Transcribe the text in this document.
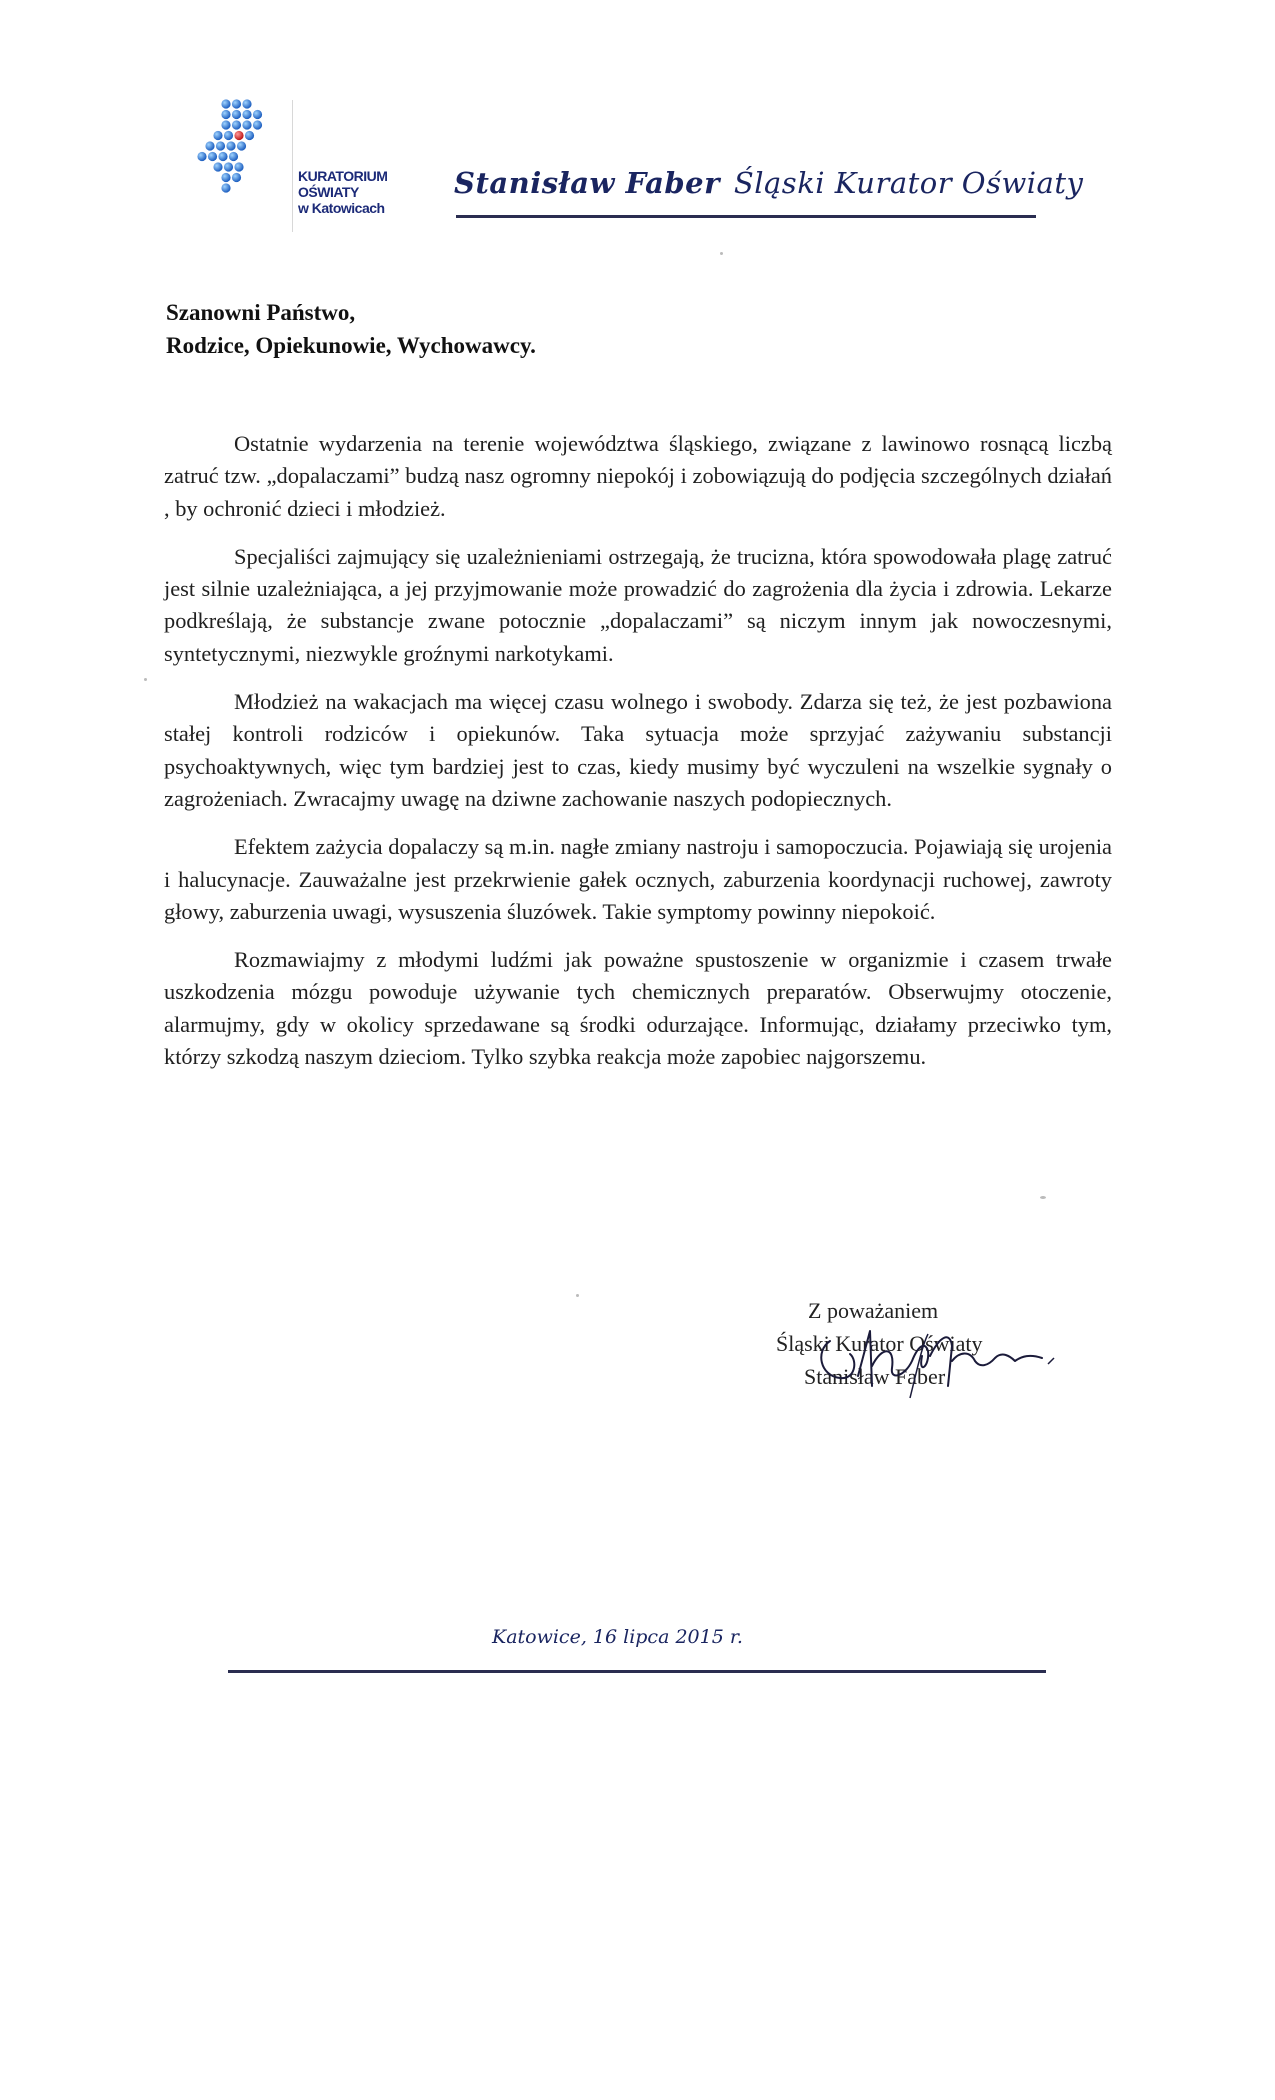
KURATORIUM
OŚWIATY
w Katowicach
Stanisław Faber Śląski Kurator Oświaty
Szanowni Państwo,
Rodzice, Opiekunowie, Wychowawcy.

Ostatnie wydarzenia na terenie województwa śląskiego, związane z lawinowo rosnącą liczbą zatruć tzw. „dopalaczami” budzą nasz ogromny niepokój i zobowiązują do podjęcia szczególnych działań , by ochronić dzieci i młodzież.

Specjaliści zajmujący się uzależnieniami ostrzegają, że trucizna, która spowodowała plagę zatruć jest silnie uzależniająca, a jej przyjmowanie może prowadzić do zagrożenia dla życia i zdrowia. Lekarze podkreślają, że substancje zwane potocznie „dopalaczami” są niczym innym jak nowoczesnymi, syntetycznymi, niezwykle groźnymi narkotykami.

Młodzież na wakacjach ma więcej czasu wolnego i swobody. Zdarza się też, że jest pozbawiona stałej kontroli rodziców i opiekunów. Taka sytuacja może sprzyjać zażywaniu substancji psychoaktywnych, więc tym bardziej jest to czas, kiedy musimy być wyczuleni na wszelkie sygnały o zagrożeniach. Zwracajmy uwagę na dziwne zachowanie naszych podopiecznych.

Efektem zażycia dopalaczy są m.in. nagłe zmiany nastroju i samopoczucia. Pojawiają się urojenia i halucynacje. Zauważalne jest przekrwienie gałek ocznych, zaburzenia koordynacji ruchowej, zawroty głowy, zaburzenia uwagi, wysuszenia śluzówek. Takie symptomy powinny niepokoić.

Rozmawiajmy z młodymi ludźmi jak poważne spustoszenie w organizmie i czasem trwałe uszkodzenia mózgu powoduje używanie tych chemicznych preparatów. Obserwujmy otoczenie, alarmujmy, gdy w okolicy sprzedawane są środki odurzające. Informując, działamy przeciwko tym, którzy szkodzą naszym dzieciom. Tylko szybka reakcja może zapobiec najgorszemu.

Z poważaniem
Śląski Kurator Oświaty
Stanisław Faber
Katowice, 16 lipca 2015 r.
